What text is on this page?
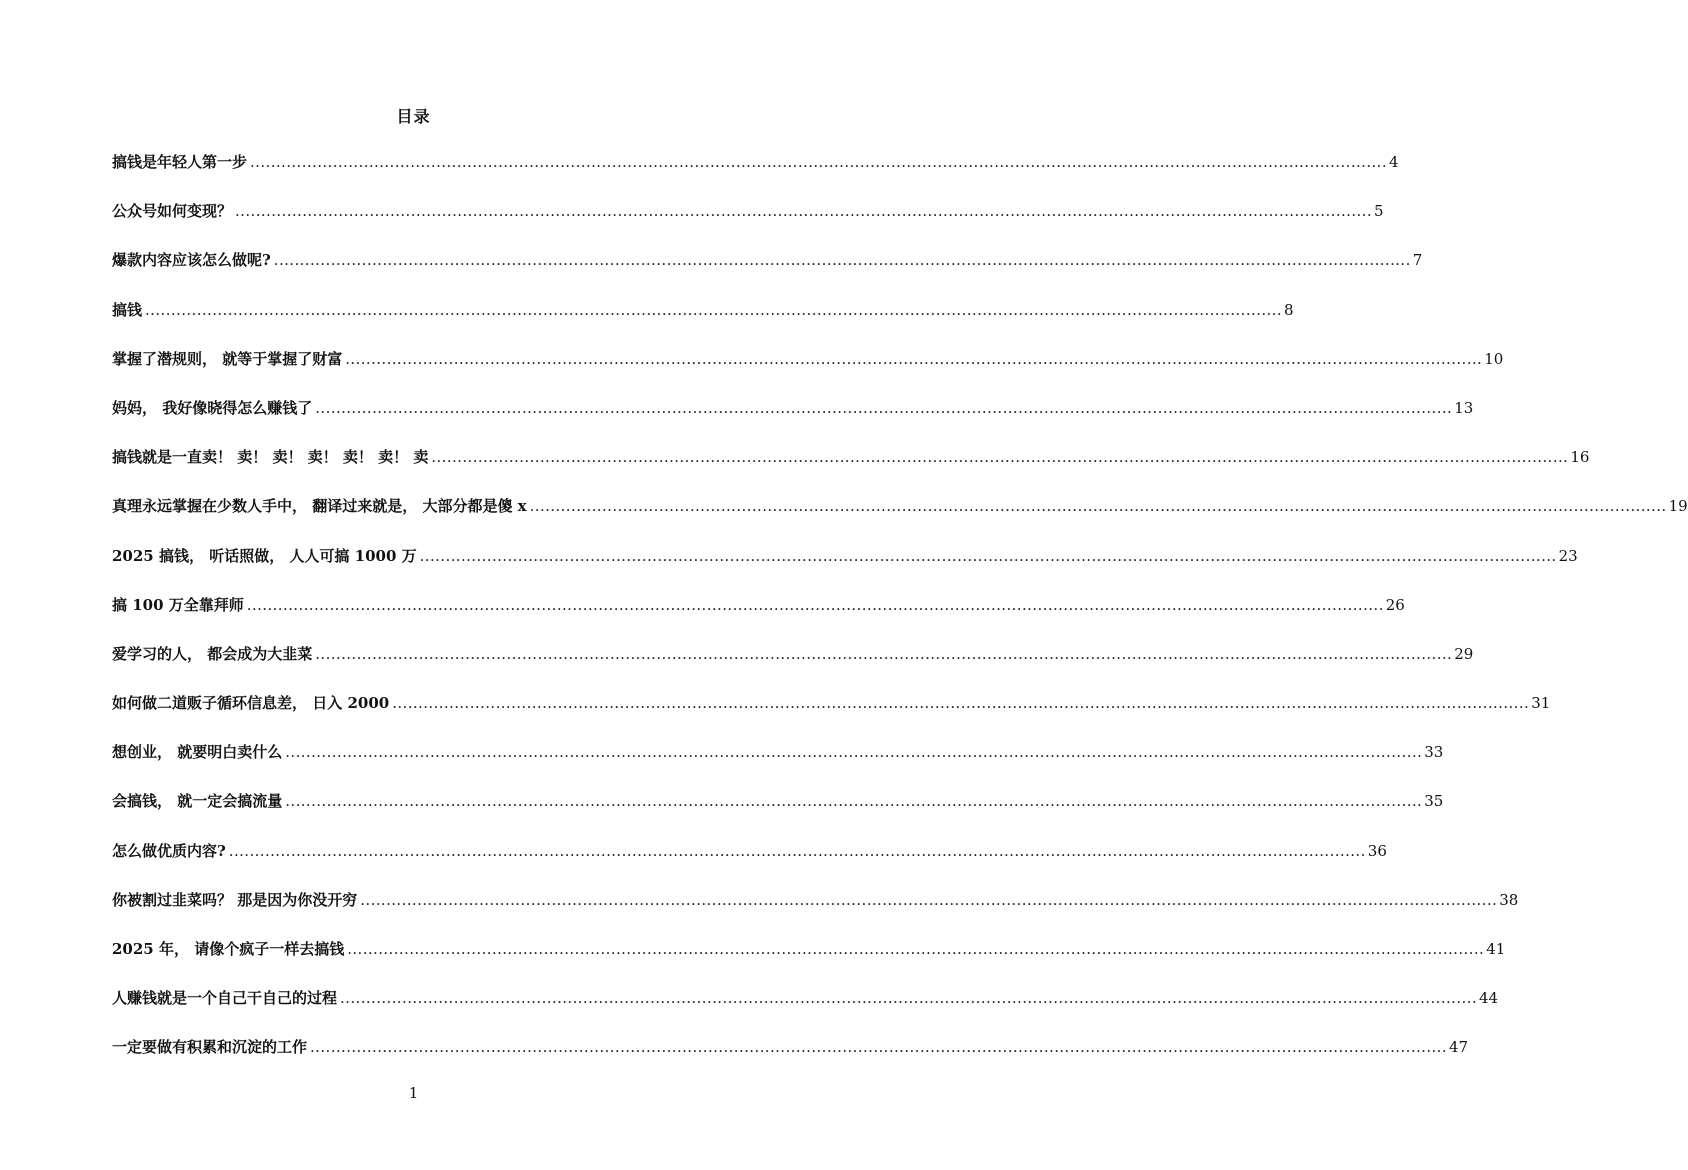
目录
搞钱是年轻人第一步 ............................................................................................................................................................................................................................ 4
公众号如何变现？ ............................................................................................................................................................................................................................ 5
爆款内容应该怎么做呢? ............................................................................................................................................................................................................................ 7
搞钱 ............................................................................................................................................................................................................................ 8
掌握了潜规则， 就等于掌握了财富 ............................................................................................................................................................................................................................ 10
妈妈， 我好像晓得怎么赚钱了 ............................................................................................................................................................................................................................ 13
搞钱就是一直卖！ 卖！ 卖！ 卖！ 卖！ 卖！ 卖 ............................................................................................................................................................................................................................ 16
真理永远掌握在少数人手中， 翻译过来就是， 大部分都是傻 x ............................................................................................................................................................................................................................ 19
2025 搞钱， 听话照做， 人人可搞 1000 万 ............................................................................................................................................................................................................................ 23
搞 100 万全靠拜师 ............................................................................................................................................................................................................................ 26
爱学习的人， 都会成为大韭菜 ............................................................................................................................................................................................................................ 29
如何做二道贩子循环信息差， 日入 2000 ............................................................................................................................................................................................................................ 31
想创业， 就要明白卖什么 ............................................................................................................................................................................................................................ 33
会搞钱， 就一定会搞流量 ............................................................................................................................................................................................................................ 35
怎么做优质内容? ............................................................................................................................................................................................................................ 36
你被割过韭菜吗？ 那是因为你没开穷 ............................................................................................................................................................................................................................ 38
2025 年， 请像个疯子一样去搞钱 ............................................................................................................................................................................................................................ 41
人赚钱就是一个自己干自己的过程 ............................................................................................................................................................................................................................ 44
一定要做有积累和沉淀的工作 ............................................................................................................................................................................................................................ 47
1
